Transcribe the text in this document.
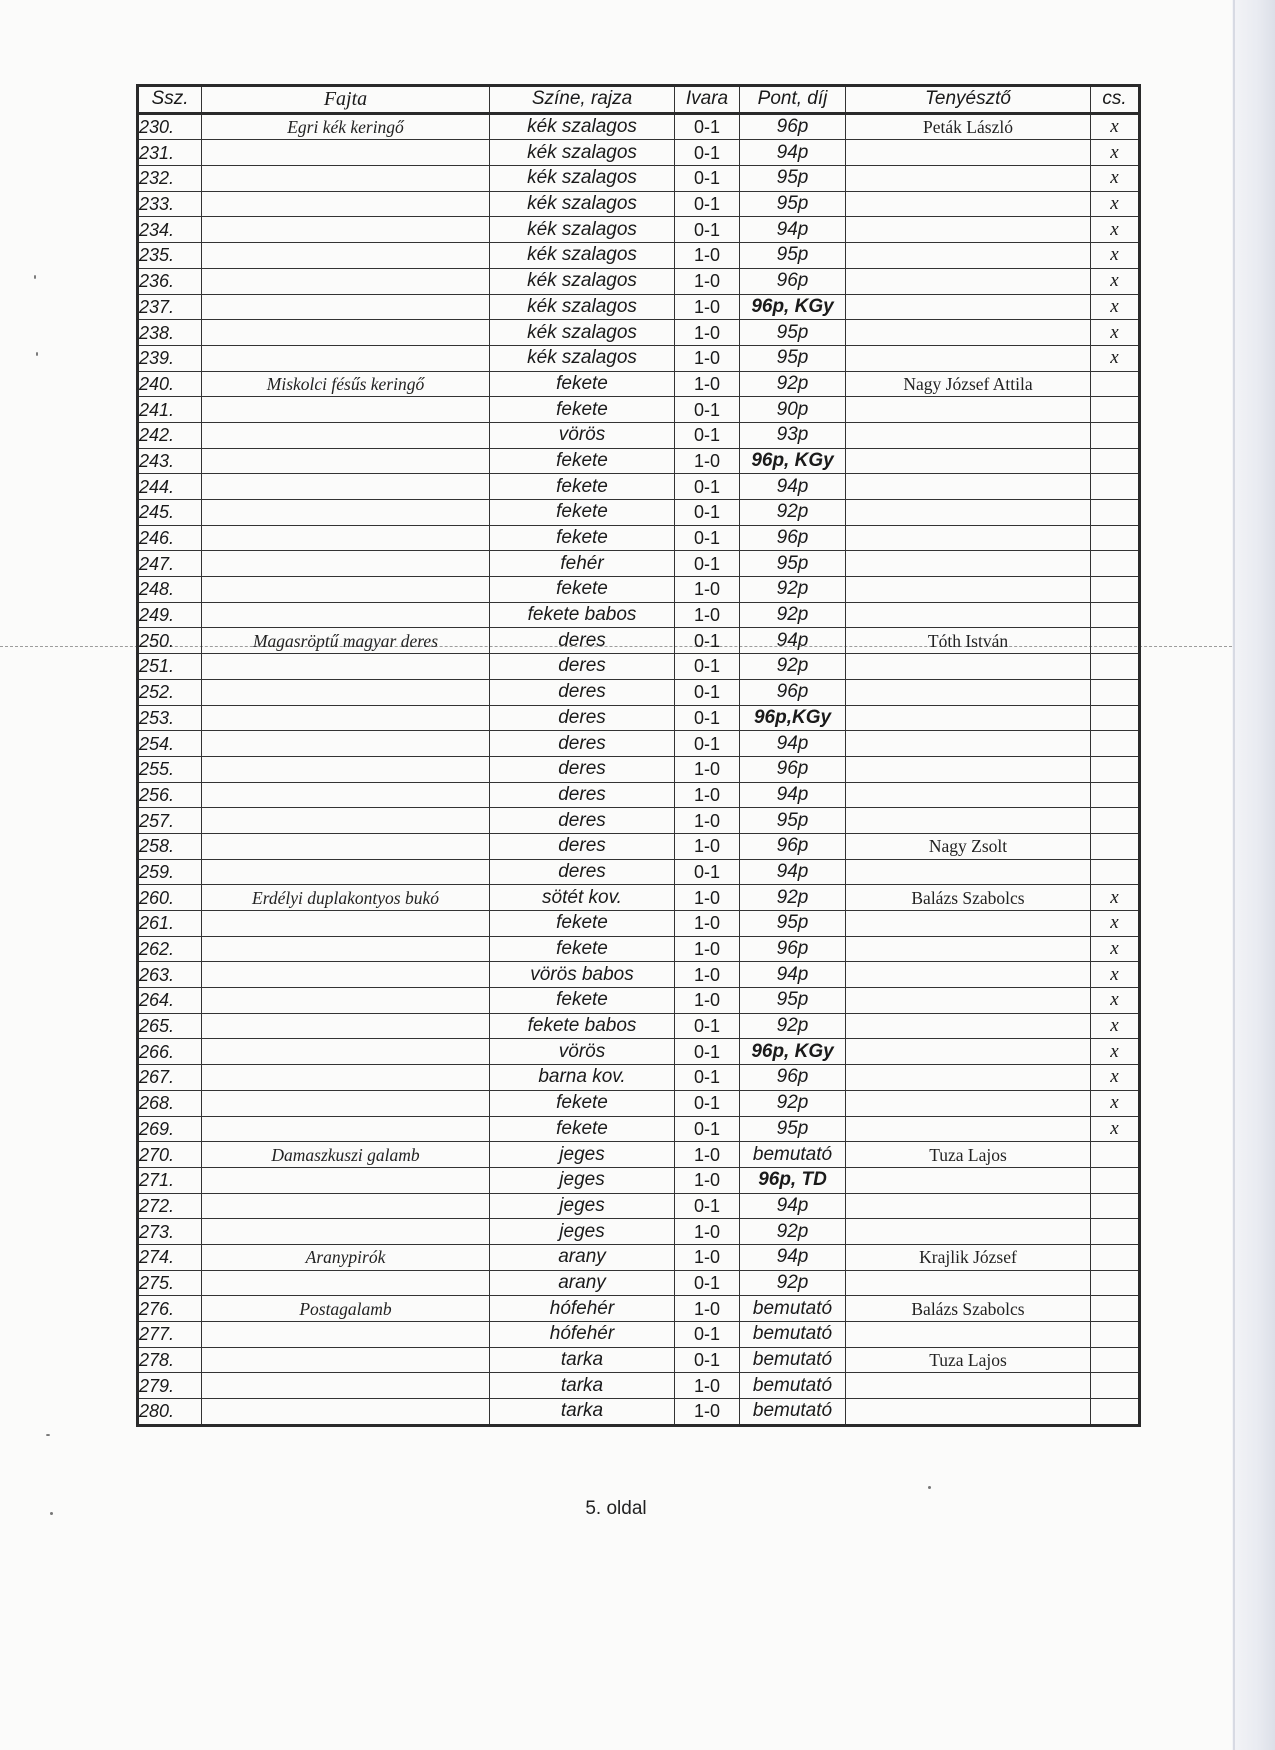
Ssz.	Fajta	Színe, rajza	Ivara	Pont, díj	Tenyésztő	cs.
230.	Egri kék keringő	kék szalagos	0-1	96p	Peták László	x
231.		kék szalagos	0-1	94p		x
232.		kék szalagos	0-1	95p		x
233.		kék szalagos	0-1	95p		x
234.		kék szalagos	0-1	94p		x
235.		kék szalagos	1-0	95p		x
236.		kék szalagos	1-0	96p		x
237.		kék szalagos	1-0	96p, KGy		x
238.		kék szalagos	1-0	95p		x
239.		kék szalagos	1-0	95p		x
240.	Miskolci fésűs keringő	fekete	1-0	92p	Nagy József Attila	
241.		fekete	0-1	90p		
242.		vörös	0-1	93p		
243.		fekete	1-0	96p, KGy		
244.		fekete	0-1	94p		
245.		fekete	0-1	92p		
246.		fekete	0-1	96p		
247.		fehér	0-1	95p		
248.		fekete	1-0	92p		
249.		fekete babos	1-0	92p		
250.	Magasröptű magyar deres	deres	0-1	94p	Tóth István	
251.		deres	0-1	92p		
252.		deres	0-1	96p		
253.		deres	0-1	96p,KGy		
254.		deres	0-1	94p		
255.		deres	1-0	96p		
256.		deres	1-0	94p		
257.		deres	1-0	95p		
258.		deres	1-0	96p	Nagy Zsolt	
259.		deres	0-1	94p		
260.	Erdélyi duplakontyos bukó	sötét kov.	1-0	92p	Balázs Szabolcs	x
261.		fekete	1-0	95p		x
262.		fekete	1-0	96p		x
263.		vörös babos	1-0	94p		x
264.		fekete	1-0	95p		x
265.		fekete babos	0-1	92p		x
266.		vörös	0-1	96p, KGy		x
267.		barna kov.	0-1	96p		x
268.		fekete	0-1	92p		x
269.		fekete	0-1	95p		x
270.	Damaszkuszi galamb	jeges	1-0	bemutató	Tuza Lajos	
271.		jeges	1-0	96p, TD		
272.		jeges	0-1	94p		
273.		jeges	1-0	92p		
274.	Aranypirók	arany	1-0	94p	Krajlik József	
275.		arany	0-1	92p		
276.	Postagalamb	hófehér	1-0	bemutató	Balázs Szabolcs	
277.		hófehér	0-1	bemutató		
278.		tarka	0-1	bemutató	Tuza Lajos	
279.		tarka	1-0	bemutató		
280.		tarka	1-0	bemutató		
5. oldal
